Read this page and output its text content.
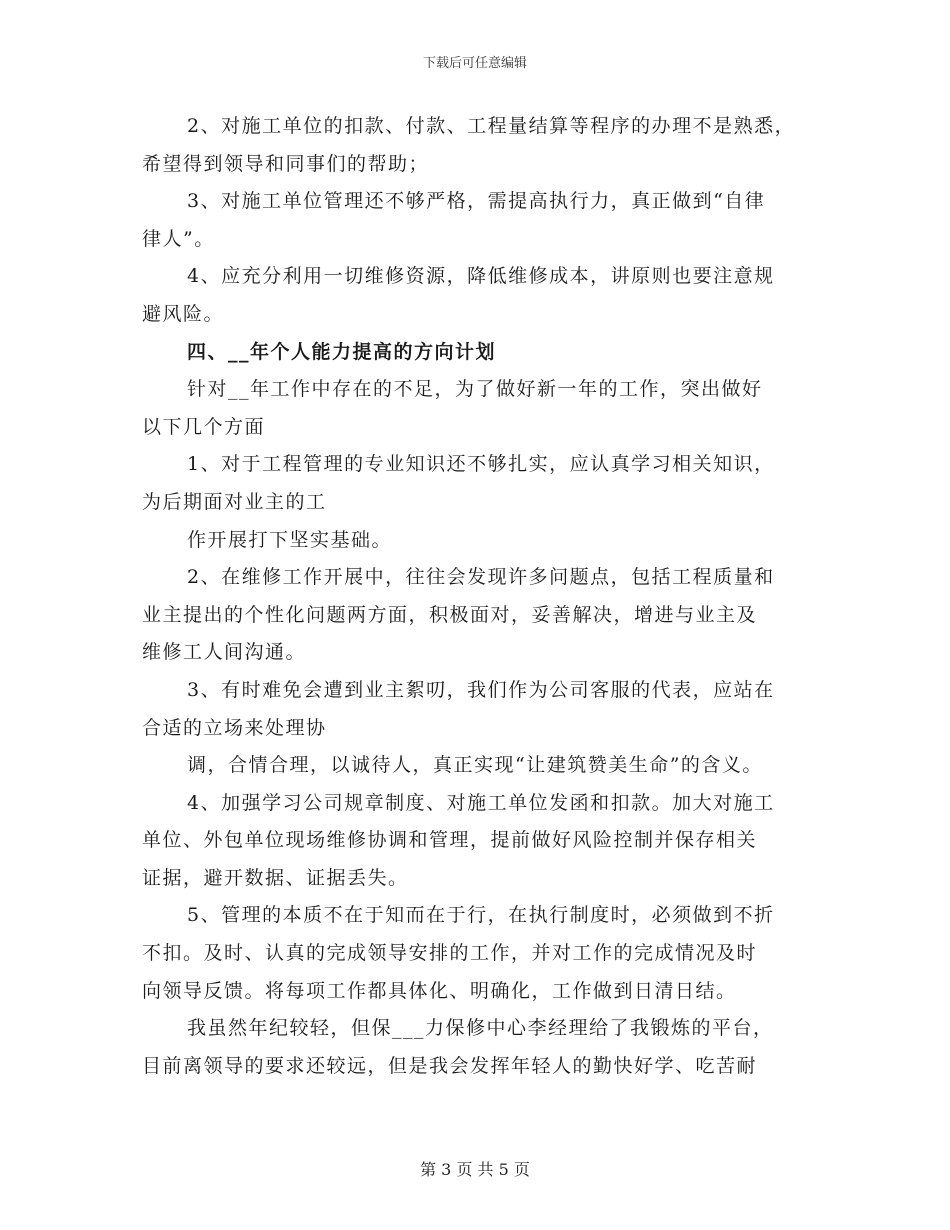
下载后可任意编辑
2、对施工单位的扣款、付款、工程量结算等程序的办理不是熟悉，
希望得到领导和同事们的帮助；
3、对施工单位管理还不够严格，需提高执行力，真正做到“自律
律人”。
4、应充分利用一切维修资源，降低维修成本，讲原则也要注意规
避风险。
四、__年个人能力提高的方向计划
针对__年工作中存在的不足，为了做好新一年的工作，突出做好
以下几个方面
1、对于工程管理的专业知识还不够扎实，应认真学习相关知识，
为后期面对业主的工
作开展打下坚实基础。
2、在维修工作开展中，往往会发现许多问题点，包括工程质量和
业主提出的个性化问题两方面，积极面对，妥善解决，增进与业主及
维修工人间沟通。
3、有时难免会遭到业主絮叨，我们作为公司客服的代表，应站在
合适的立场来处理协
调，合情合理，以诚待人，真正实现“让建筑赞美生命”的含义。
4、加强学习公司规章制度、对施工单位发函和扣款。加大对施工
单位、外包单位现场维修协调和管理，提前做好风险控制并保存相关
证据，避开数据、证据丢失。
5、管理的本质不在于知而在于行，在执行制度时，必须做到不折
不扣。及时、认真的完成领导安排的工作，并对工作的完成情况及时
向领导反馈。将每项工作都具体化、明确化，工作做到日清日结。
我虽然年纪较轻，但保___力保修中心李经理给了我锻炼的平台，
目前离领导的要求还较远，但是我会发挥年轻人的勤快好学、吃苦耐
第 3 页 共 5 页
